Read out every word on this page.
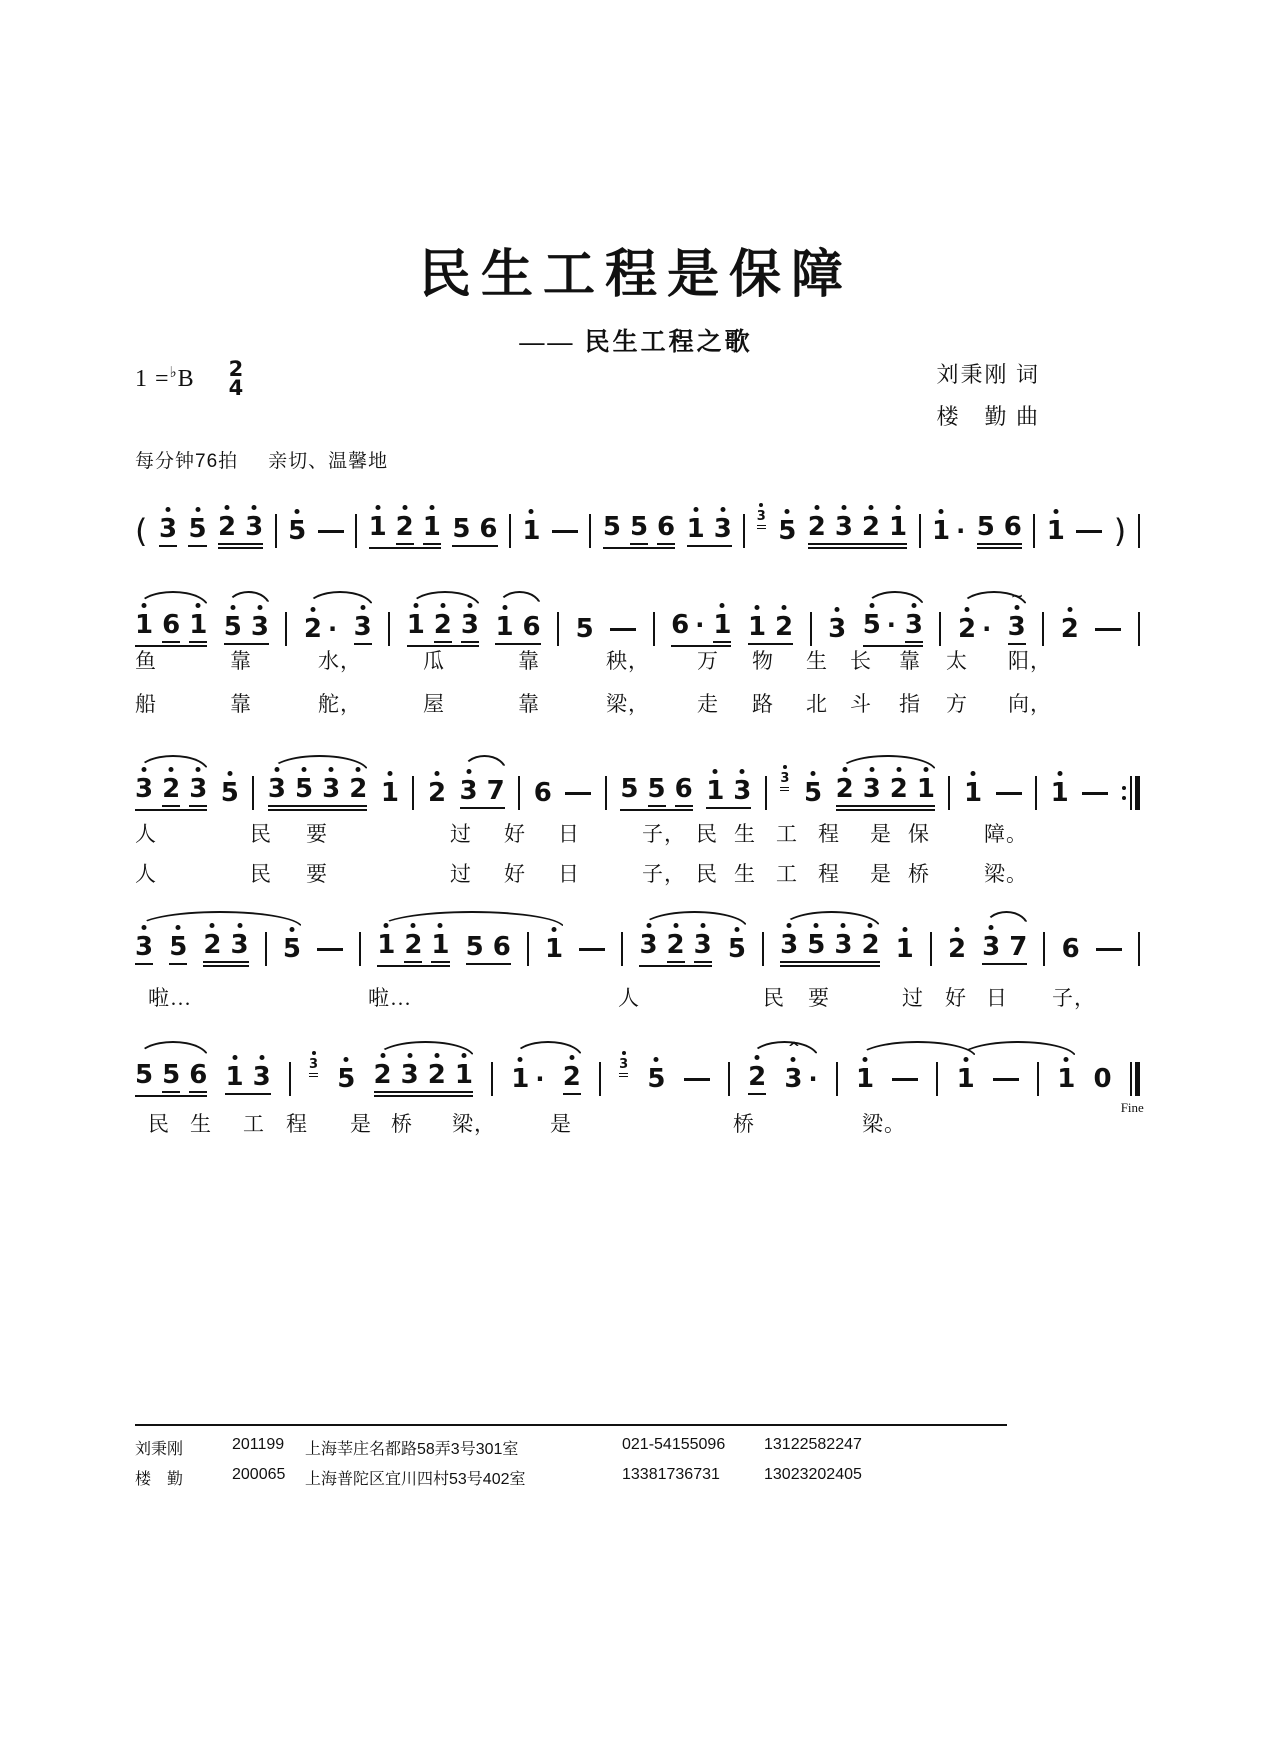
民生工程是保障
—— 民生工程之歌
1 = ♭ B 2
4
每分钟76拍 亲切、温馨地
刘秉刚 词
楼　勤 曲
( 3 5 2 3 5 1 2 1 5 6 1 5 5 6 1 3 3 5 2 3 2 1 1 · 5 6 1 )
1 6 1 5 3 2 · 3 1 2 3 1 6 5	6 · 1 1 2 3 5 · 3 2 · 3
~
2
3 2 3 5 3 5 3 2 1 2 3 7 6	5 5 6 1 3 3 5 2 3 2 1 1	1
3 5 2 3 5	1 2 1 5 6 1	3 2 3 5 3 5 3 2 1 2 3 7 6
5 5 6 1 3	3 5 2 3 2 1 1 · 2	3 5	2 3
^
· 1	1	1 0
Fine
鱼	靠	水，	瓜	靠	秧， 万 物 生 长 靠 太 阳，
船	靠	舵，	屋	靠	梁， 走 路 北 斗 指 方 向，
人	民 要	过 好 日	子， 民 生 工 程 是 保	障。
人	民 要	过 好 日	子， 民 生 工 程 是 桥	梁。
啦…	啦…	人	民 要	过 好 日 子，
民 生 工 程 是 桥 梁，	是	桥	梁。
刘秉刚	201199 上海莘庄名都路58弄3号301室	021-54155096 13122582247
楼　勤	200065 上海普陀区宜川四村53号402室	13381736731	13023202405
